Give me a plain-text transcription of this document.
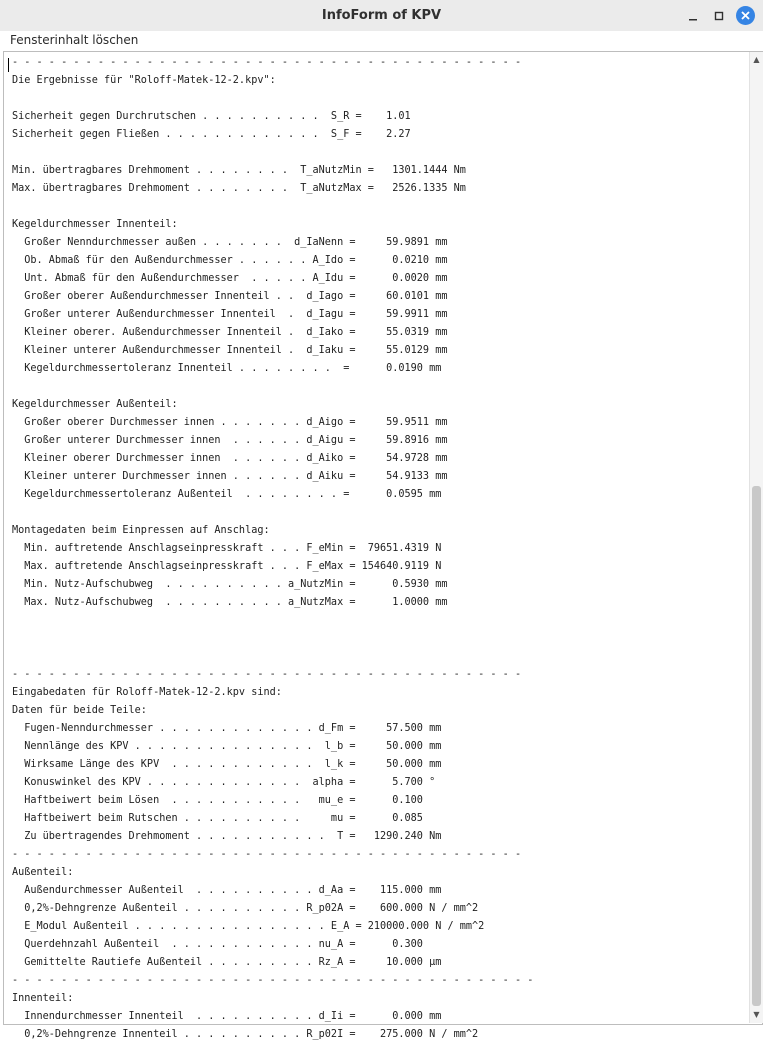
InfoForm of KPV
Fensterinhalt löschen
- - - - - - - - - - - - - - - - - - - - - - - - - - - - - - - - - - - - - - - - - -
Die Ergebnisse für "Roloff-Matek-12-2.kpv":
Sicherheit gegen Durchrutschen . . . . . . . . . .  S_R =    1.01
Sicherheit gegen Fließen . . . . . . . . . . . . .  S_F =    2.27
Min. übertragbares Drehmoment . . . . . . . .  T_aNutzMin =   1301.1444 Nm
Max. übertragbares Drehmoment . . . . . . . .  T_aNutzMax =   2526.1335 Nm
Kegeldurchmesser Innenteil:
Großer Nenndurchmesser außen . . . . . . .  d_IaNenn =     59.9891 mm
Ob. Abmaß für den Außendurchmesser . . . . . . A_Ido =      0.0210 mm
Unt. Abmaß für den Außendurchmesser  . . . . . A_Idu =      0.0020 mm
Großer oberer Außendurchmesser Innenteil . .  d_Iago =     60.0101 mm
Großer unterer Außendurchmesser Innenteil  .  d_Iagu =     59.9911 mm
Kleiner oberer. Außendurchmesser Innenteil .  d_Iako =     55.0319 mm
Kleiner unterer Außendurchmesser Innenteil .  d_Iaku =     55.0129 mm
Kegeldurchmessertoleranz Innenteil . . . . . . . .  =      0.0190 mm
Kegeldurchmesser Außenteil:
Großer oberer Durchmesser innen . . . . . . . d_Aigo =     59.9511 mm
Großer unterer Durchmesser innen  . . . . . . d_Aigu =     59.8916 mm
Kleiner oberer Durchmesser innen  . . . . . . d_Aiko =     54.9728 mm
Kleiner unterer Durchmesser innen . . . . . . d_Aiku =     54.9133 mm
Kegeldurchmessertoleranz Außenteil  . . . . . . . . =      0.0595 mm
Montagedaten beim Einpressen auf Anschlag:
Min. auftretende Anschlagseinpresskraft . . . F_eMin =  79651.4319 N
Max. auftretende Anschlagseinpresskraft . . . F_eMax = 154640.9119 N
Min. Nutz-Aufschubweg  . . . . . . . . . . a_NutzMin =      0.5930 mm
Max. Nutz-Aufschubweg  . . . . . . . . . . a_NutzMax =      1.0000 mm
- - - - - - - - - - - - - - - - - - - - - - - - - - - - - - - - - - - - - - - - - -
Eingabedaten für Roloff-Matek-12-2.kpv sind:
Daten für beide Teile:
Fugen-Nenndurchmesser . . . . . . . . . . . . . d_Fm =     57.500 mm
Nennlänge des KPV . . . . . . . . . . . . . . .  l_b =     50.000 mm
Wirksame Länge des KPV  . . . . . . . . . . . .  l_k =     50.000 mm
Konuswinkel des KPV . . . . . . . . . . . . .  alpha =      5.700 °
Haftbeiwert beim Lösen  . . . . . . . . . . .   mu_e =      0.100
Haftbeiwert beim Rutschen . . . . . . . . . .     mu =      0.085
Zu übertragendes Drehmoment . . . . . . . . . . .  T =   1290.240 Nm
- - - - - - - - - - - - - - - - - - - - - - - - - - - - - - - - - - - - - - - - - -
Außenteil:
Außendurchmesser Außenteil  . . . . . . . . . . d_Aa =    115.000 mm
0,2%-Dehngrenze Außenteil . . . . . . . . . . R_p02A =    600.000 N / mm^2
E_Modul Außenteil . . . . . . . . . . . . . . . . E_A = 210000.000 N / mm^2
Querdehnzahl Außenteil  . . . . . . . . . . . . nu_A =      0.300
Gemittelte Rautiefe Außenteil . . . . . . . . . Rz_A =     10.000 µm
- - - - - - - - - - - - - - - - - - - - - - - - - - - - - - - - - - - - - - - - - - -
Innenteil:
Innendurchmesser Innenteil  . . . . . . . . . . d_Ii =      0.000 mm
0,2%-Dehngrenze Innenteil . . . . . . . . . . R_p02I =    275.000 N / mm^2
▲
▼
